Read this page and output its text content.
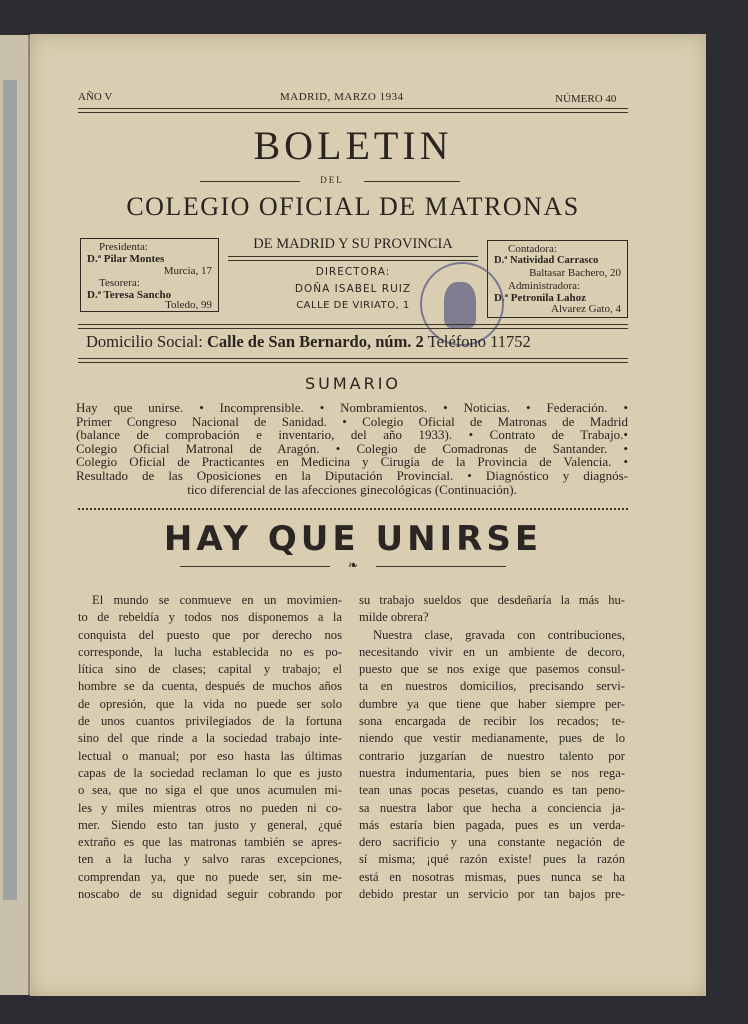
AÑO V	MADRID, MARZO 1934	NÚMERO 40
BOLETIN
DEL
COLEGIO OFICIAL DE MATRONAS
Presidenta:
D.ª Pilar Montes
Murcia, 17
Tesorera:
D.ª Teresa Sancho
Toledo, 99
DE MADRID Y SU PROVINCIA
DIRECTORA:
DOÑA ISABEL RUIZ
CALLE DE VIRIATO, 1
Contadora:
D.ª Natividad Carrasco
Baltasar Bachero, 20
Administradora:
D.ª Petronila Lahoz
Alvarez Gato, 4
Domicilio Social: Calle de San Bernardo, núm. 2 Teléfono 11752
SUMARIO
Hay que unirse. • Incomprensible. • Nombramientos. • Noticias. • Federación. •
Primer Congreso Nacional de Sanidad. • Colegio Oficial de Matronas de Madrid
(balance de comprobación e inventario, del año 1933). • Contrato de Trabajo.•
Colegio Oficial Matronal de Aragón. • Colegio de Comadronas de Santander. •
Colegio Oficial de Practicantes en Medicina y Cirugía de la Provincia de Valencia. •
Resultado de las Oposiciones en la Diputación Provincial. • Diagnóstico y diagnós-
tico diferencial de las afecciones ginecológicas (Continuación).
HAY QUE UNIRSE
❧
El mundo se conmueve en un movimien-
to de rebeldía y todos nos disponemos a la
conquista del puesto que por derecho nos
corresponde, la lucha establecida no es po-
lítica sino de clases; capital y trabajo; el
hombre se da cuenta, después de muchos años
de opresión, que la vida no puede ser solo
de unos cuantos privilegiados de la fortuna
sino del que rinde a la sociedad trabajo inte-
lectual o manual; por eso hasta las últimas
capas de la sociedad reclaman lo que es justo
o sea, que no siga el que unos acumulen mi-
les y miles mientras otros no pueden ni co-
mer. Siendo esto tan justo y general, ¿qué
extraño es que las matronas también se apres-
ten a la lucha y salvo raras excepciones,
comprendan ya, que no puede ser, sin me-
noscabo de su dignidad seguir cobrando por
su trabajo sueldos que desdeñaría la más hu-
milde obrera?
Nuestra clase, gravada con contribuciones,
necesitando vivir en un ambiente de decoro,
puesto que se nos exige que pasemos consul-
ta en nuestros domicilios, precisando servi-
dumbre ya que tiene que haber siempre per-
sona encargada de recibir los recados; te-
niendo que vestir medianamente, pues de lo
contrario juzgarían de nuestro talento por
nuestra indumentaria, pues bien se nos rega-
tean unas pocas pesetas, cuando es tan peno-
sa nuestra labor que hecha a conciencia ja-
más estaría bien pagada, pues es un verda-
dero sacrificio y una constante negación de
sí misma; ¡qué razón existe! pues la razón
está en nosotras mismas, pues nunca se ha
debido prestar un servicio por tan bajos pre-
